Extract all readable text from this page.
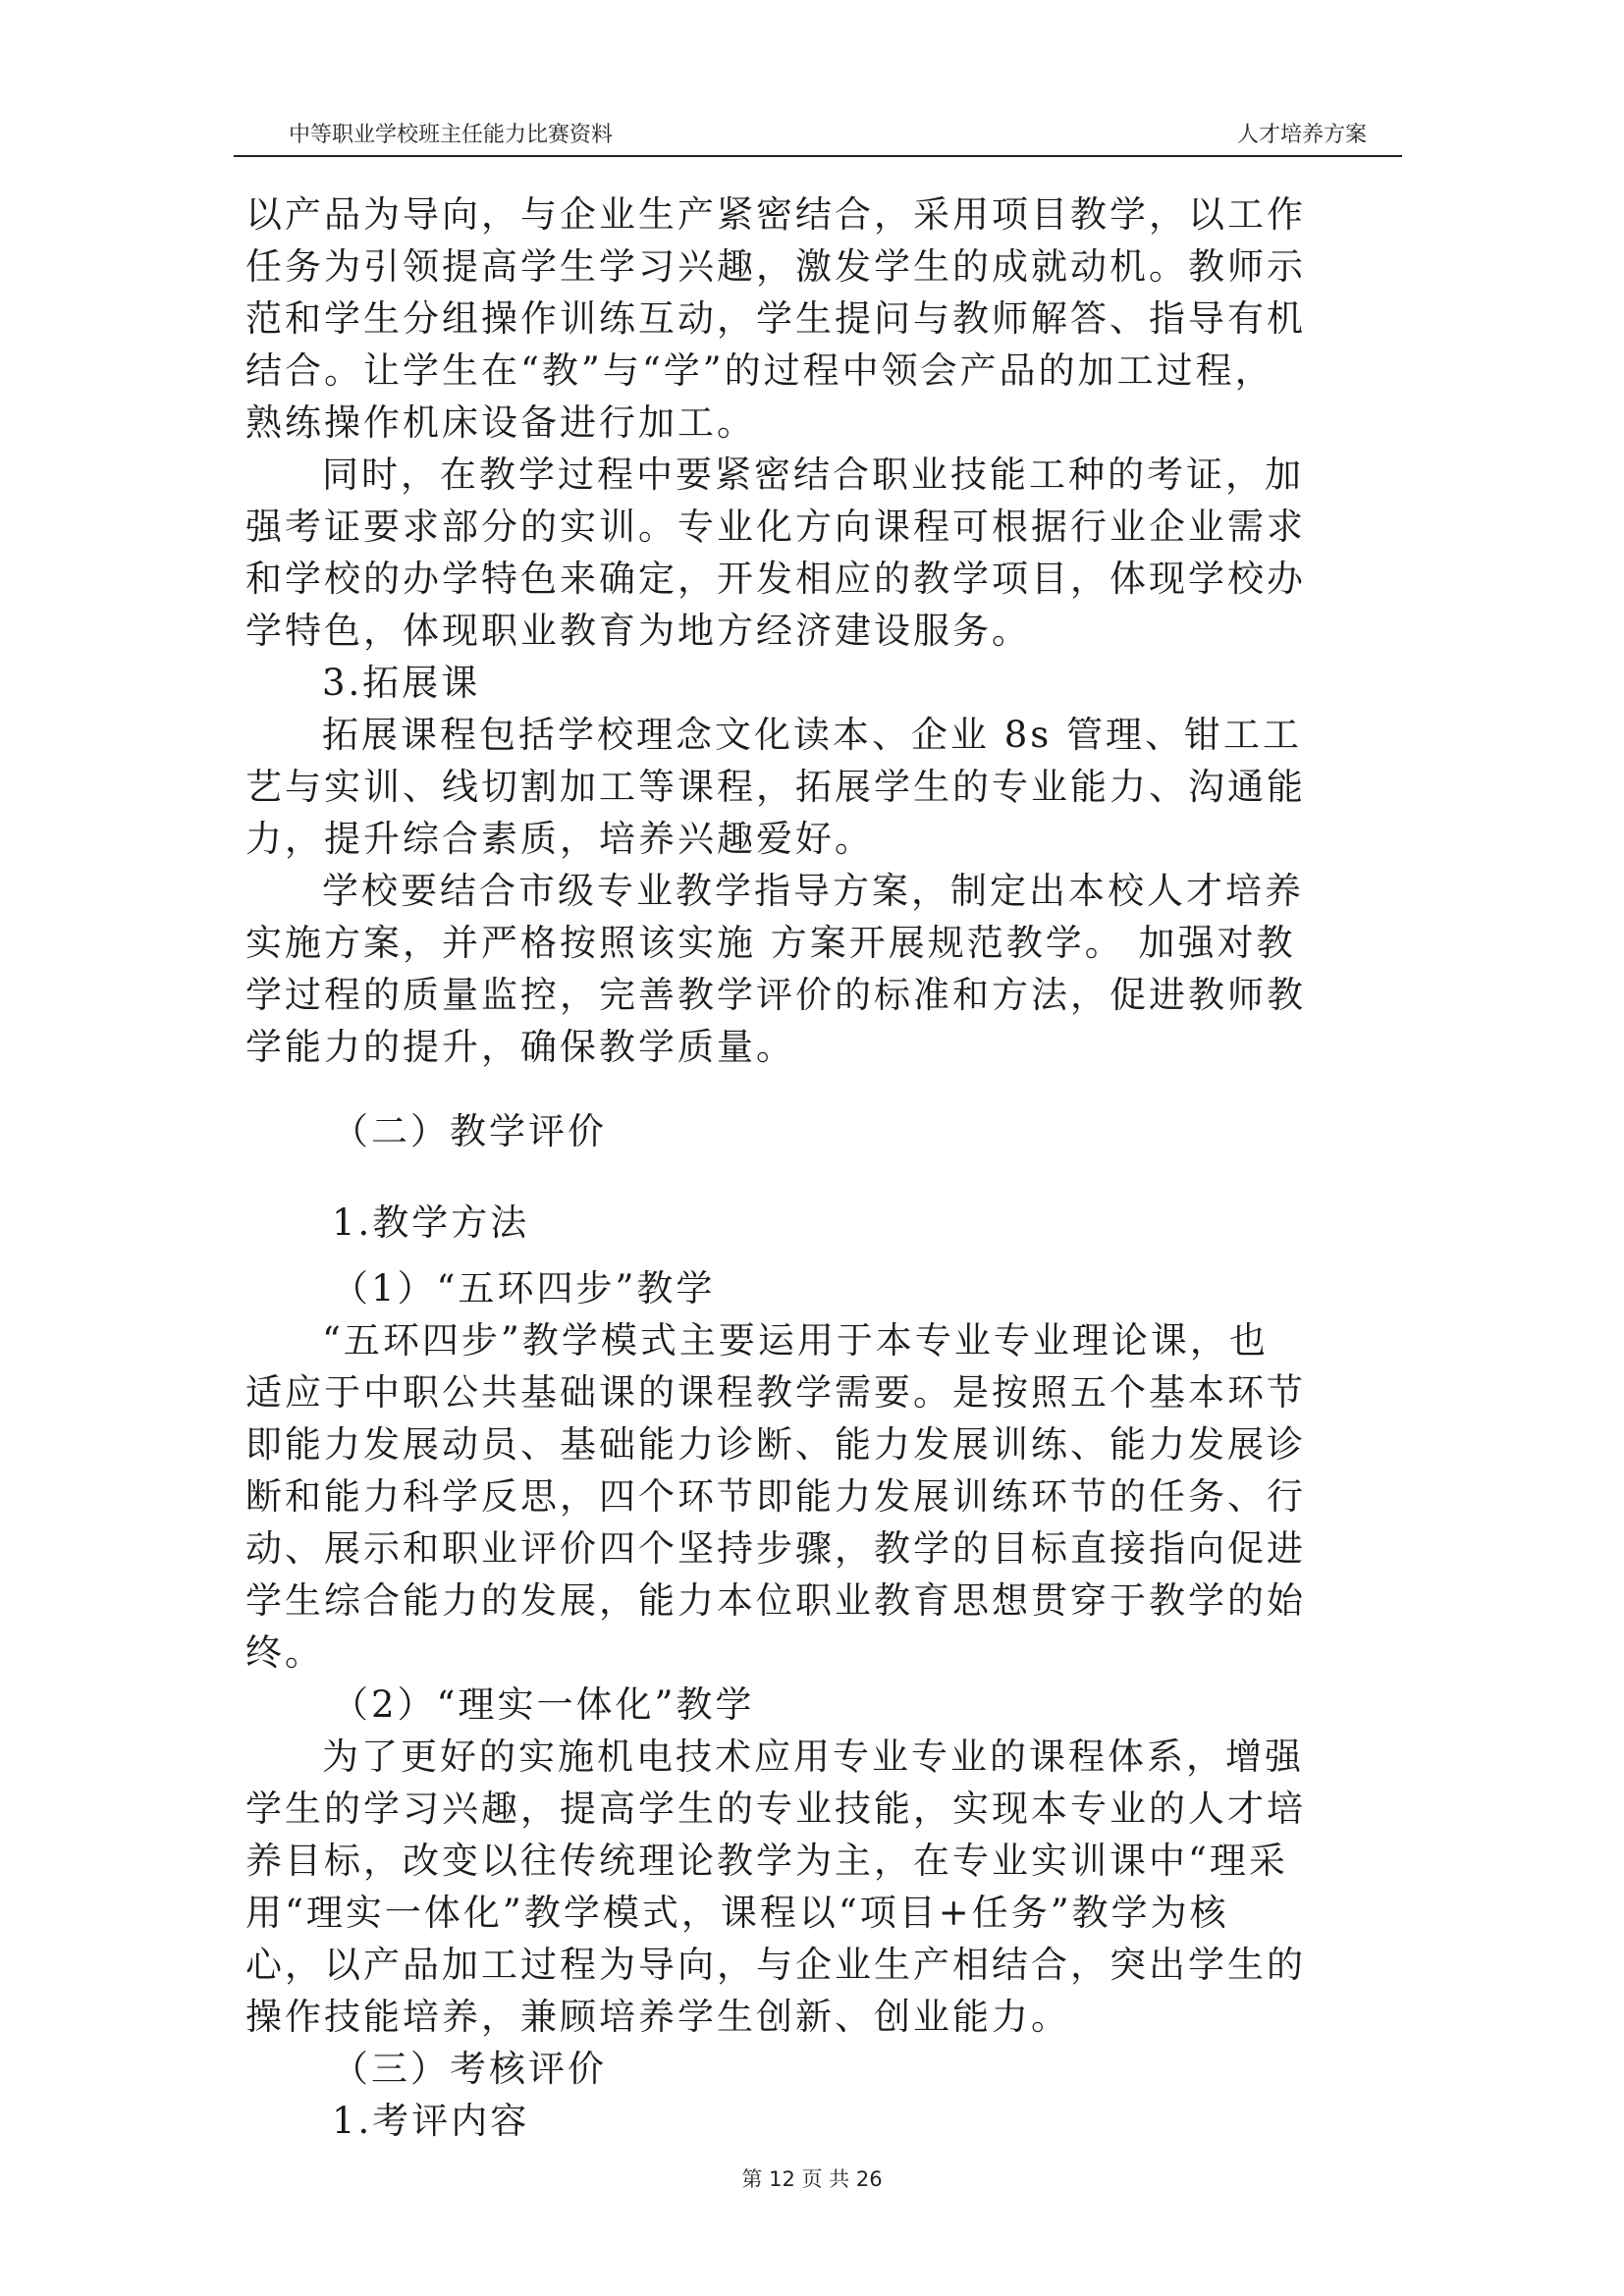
中等职业学校班主任能力比赛资料	人才培养方案
以产品为导向，与企业生产紧密结合，采用项目教学，以工作
任务为引领提高学生学习兴趣，激发学生的成就动机。教师示
范和学生分组操作训练互动，学生提问与教师解答、指导有机
结合。让学生在“教”与“学”的过程中领会产品的加工过程，
熟练操作机床设备进行加工。
同时，在教学过程中要紧密结合职业技能工种的考证，加
强考证要求部分的实训。专业化方向课程可根据行业企业需求
和学校的办学特色来确定，开发相应的教学项目，体现学校办
学特色，体现职业教育为地方经济建设服务。
3.拓展课
拓展课程包括学校理念文化读本、企业 8s 管理、钳工工
艺与实训、线切割加工等课程，拓展学生的专业能力、沟通能
力，提升综合素质，培养兴趣爱好。
学校要结合市级专业教学指导方案，制定出本校人才培养
实施方案，并严格按照该实施 方案开展规范教学。 加强对教
学过程的质量监控，完善教学评价的标准和方法，促进教师教
学能力的提升，确保教学质量。
（二）教学评价
1.教学方法
（1）“五环四步”教学
“五环四步”教学模式主要运用于本专业专业理论课，也
适应于中职公共基础课的课程教学需要。是按照五个基本环节
即能力发展动员、基础能力诊断、能力发展训练、能力发展诊
断和能力科学反思，四个环节即能力发展训练环节的任务、行
动、展示和职业评价四个坚持步骤，教学的目标直接指向促进
学生综合能力的发展，能力本位职业教育思想贯穿于教学的始
终。
（2）“理实一体化”教学
为了更好的实施机电技术应用专业专业的课程体系，增强
学生的学习兴趣，提高学生的专业技能，实现本专业的人才培
养目标，改变以往传统理论教学为主，在专业实训课中“理采
用“理实一体化”教学模式，课程以“项目+任务”教学为核
心，以产品加工过程为导向，与企业生产相结合，突出学生的
操作技能培养，兼顾培养学生创新、创业能力。
（三）考核评价
1.考评内容
第 12 页 共 26
